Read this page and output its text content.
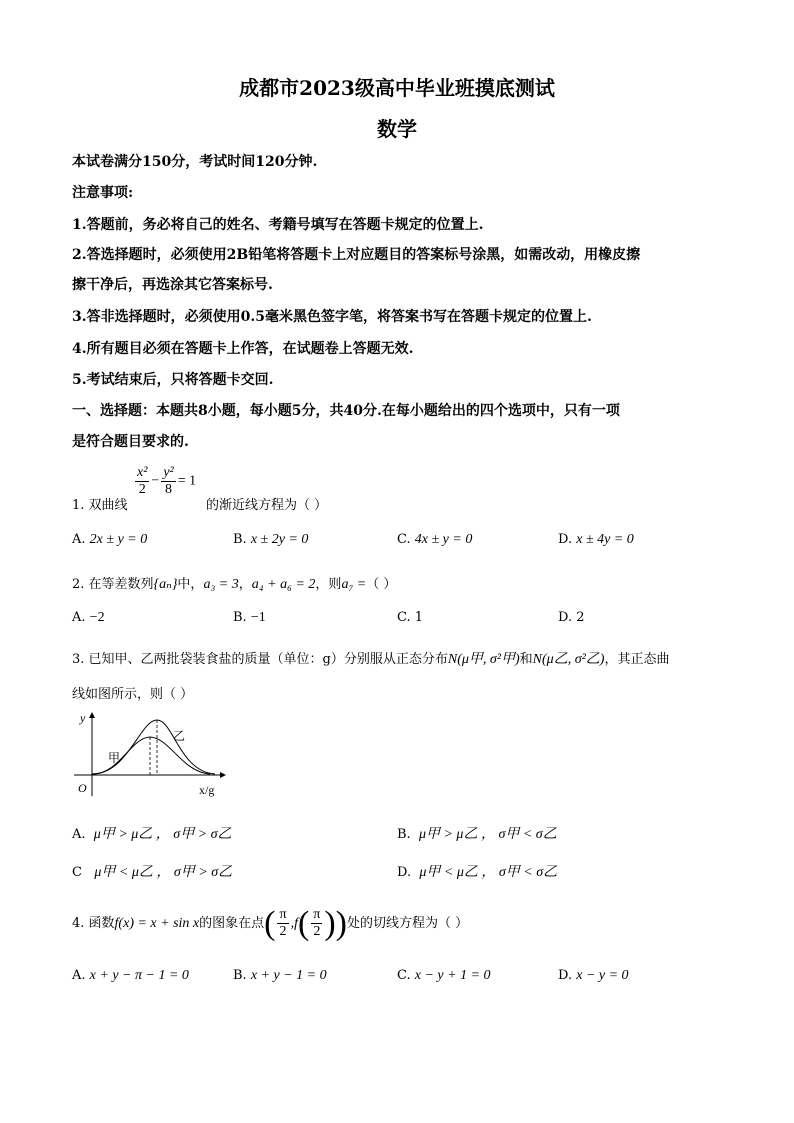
成都市2023级高中毕业班摸底测试
数学
本试卷满分150分，考试时间120分钟.
注意事项:
1.答题前，务必将自己的姓名、考籍号填写在答题卡规定的位置上.
2.答选择题时，必须使用2B铅笔将答题卡上对应题目的答案标号涂黑，如需改动，用橡皮擦
擦干净后，再选涂其它答案标号.
3.答非选择题时，必须使用0.5毫米黑色签字笔，将答案书写在答题卡规定的位置上.
4.所有题目必须在答题卡上作答，在试题卷上答题无效.
5.考试结束后，只将答题卡交回.
一、选择题：本题共8小题，每小题5分，共40分.在每小题给出的四个选项中，只有一项
是符合题目要求的.
1. 双曲线
$\frac{\text{x²}}{2} - \frac{\text{y²}}{8} = 1$
的渐近线方程为（ ）
A. 2x ± y = 0	B. x ± 2y = 0	C. 4x ± y = 0	D. x ± 4y = 0
2. 在等差数列{aₙ}中，a₃ = 3，a₄ + a₆ = 2，则a₇ =（ ）
A. −2	B. −1	C. 1	D. 2
3. 已知甲、乙两批袋装食盐的质量（单位：g）分别服从正态分布N(μ甲, σ²甲)和N(μ乙, σ²乙)，其正态曲
线如图所示，则（ ）
y
O	x/g
甲
乙
A. μ甲 > μ乙 ， σ甲 > σ乙	B. μ甲 > μ乙 ， σ甲 < σ乙
C μ甲 < μ乙 ， σ甲 > σ乙	D. μ甲 < μ乙 ， σ甲 < σ乙
4. 函数f(x) = x + sin x的图象在点( $\frac{\pi}{2} ,f( \frac{\pi}{2}$ ))处的切线方程为（ ）
A. x + y − π − 1 = 0	B. x + y − 1 = 0	C. x − y + 1 = 0	D. x − y = 0
